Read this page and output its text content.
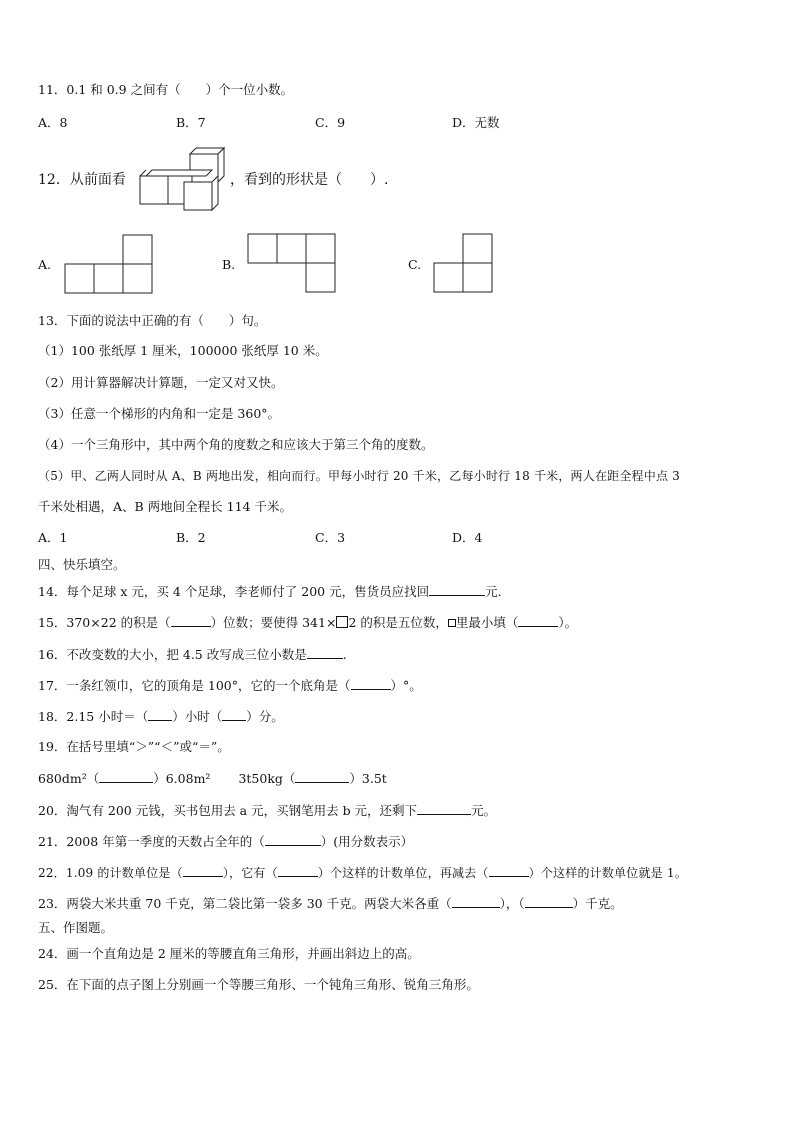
11．0.1 和 0.9 之间有（　　）个一位小数。
A．8	B．7	C．9	D．无数
12．从前面看	，看到的形状是（　　）.
A.	B.	C.
13．下面的说法中正确的有（　　）句。
（1）100 张纸厚 1 厘米，100000 张纸厚 10 米。
（2）用计算器解决计算题，一定又对又快。
（3）任意一个梯形的内角和一定是 360°。
（4）一个三角形中，其中两个角的度数之和应该大于第三个角的度数。
（5）甲、乙两人同时从 A、B 两地出发，相向而行。甲每小时行 20 千米，乙每小时行 18 千米，两人在距全程中点 3
千米处相遇，A、B 两地间全程长 114 千米。
A．1	B．2	C．3	D．4
四、快乐填空。
14．每个足球 x 元，买 4 个足球，李老师付了 200 元，售货员应找回	元.
15．370×22 的积是（	）位数；要使得 341× 2 的积是五位数， 里最小填（	）。
16．不改变数的大小，把 4.5 改写成三位小数是	.
17．一条红领巾，它的顶角是 100°，它的一个底角是（	）°。
18．2.15 小时＝（ ）小时（ ）分。
19．在括号里填“＞”“＜”或“＝”。
680dm²（	）6.08m² 3t50kg（	）3.5t
20．淘气有 200 元钱，买书包用去 a 元，买钢笔用去 b 元，还剩下	元。
21．2008 年第一季度的天数占全年的（	）(用分数表示）
22．1.09 的计数单位是（	），它有（	）个这样的计数单位，再减去（	）个这样的计数单位就是 1。
23．两袋大米共重 70 千克，第二袋比第一袋多 30 千克。两袋大米各重（	），（	）千克。
五、作图题。
24．画一个直角边是 2 厘米的等腰直角三角形，并画出斜边上的高。
25．在下面的点子图上分别画一个等腰三角形、一个钝角三角形、锐角三角形。
